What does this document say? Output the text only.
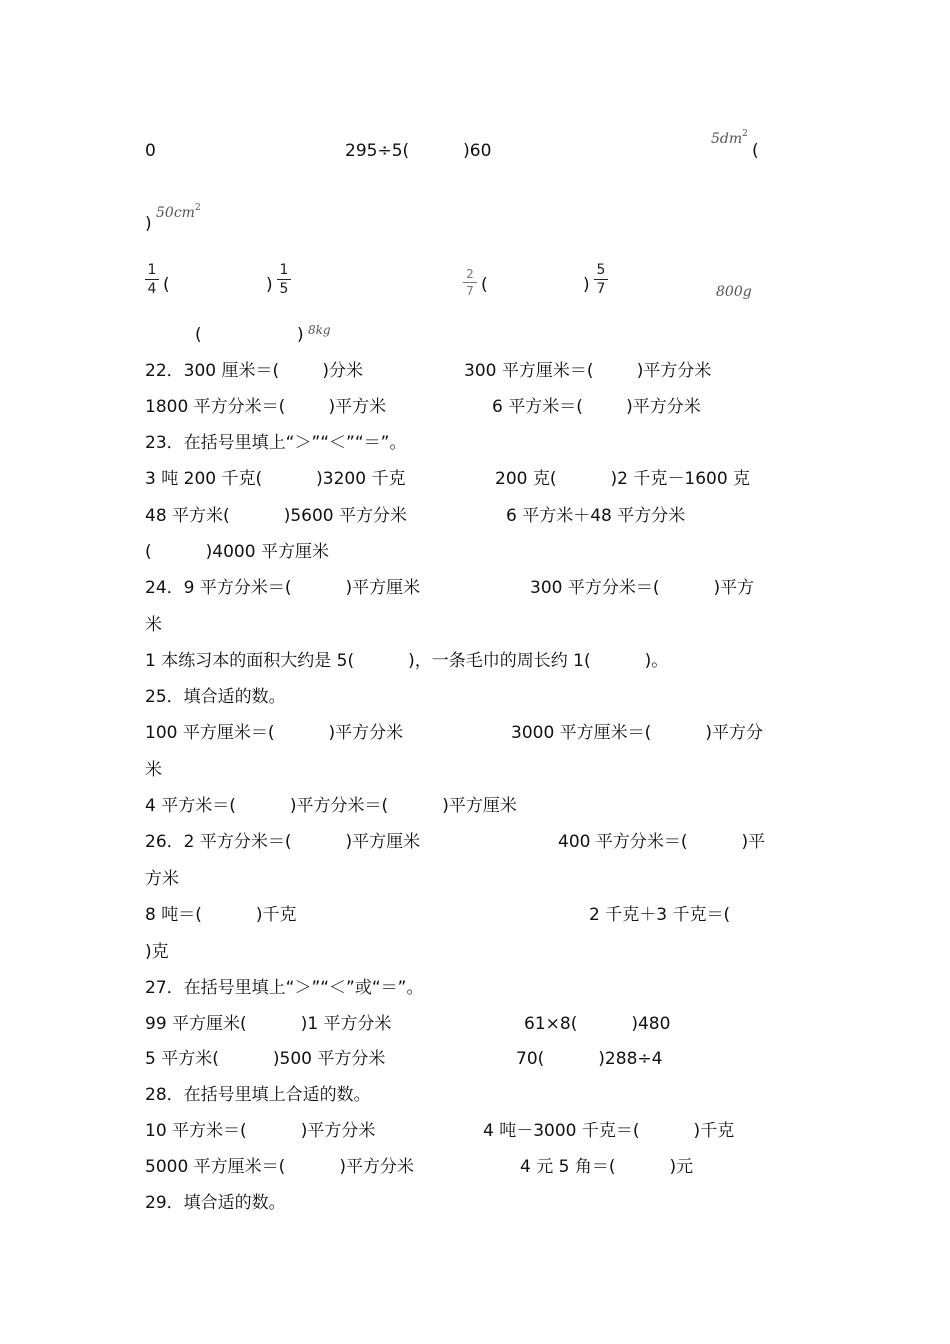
0	295÷5(          )60
$5dm^2$
(
)
$50cm^2$
1
4 (	)
1
5
2
7 (	)
5
7	800g
(	) 8kg
22．300 厘米＝(        )分米	300 平方厘米＝(        )平方分米
1800 平方分米＝(        )平方米	6 平方米＝(        )平方分米
23．在括号里填上“＞”“＜”“＝”。
3 吨 200 千克(          )3200 千克	200 克(          )2 千克－1600 克
48 平方米(          )5600 平方分米	6 平方米＋48 平方分米
(          )4000 平方厘米
24．9 平方分米＝(          )平方厘米	300 平方分米＝(          )平方
米
1 本练习本的面积大约是 5(          )，一条毛巾的周长约 1(          )。
25．填合适的数。
100 平方厘米＝(          )平方分米	3000 平方厘米＝(          )平方分
米
4 平方米＝(          )平方分米＝(          )平方厘米
26．2 平方分米＝(          )平方厘米	400 平方分米＝(          )平
方米
8 吨＝(          )千克	2 千克＋3 千克＝(
)克
27．在括号里填上“＞”“＜”或“＝”。
99 平方厘米(          )1 平方分米	61×8(          )480
5 平方米(          )500 平方分米	70(          )288÷4
28．在括号里填上合适的数。
10 平方米＝(          )平方分米	4 吨－3000 千克＝(          )千克
5000 平方厘米＝(          )平方分米	4 元 5 角＝(          )元
29．填合适的数。
